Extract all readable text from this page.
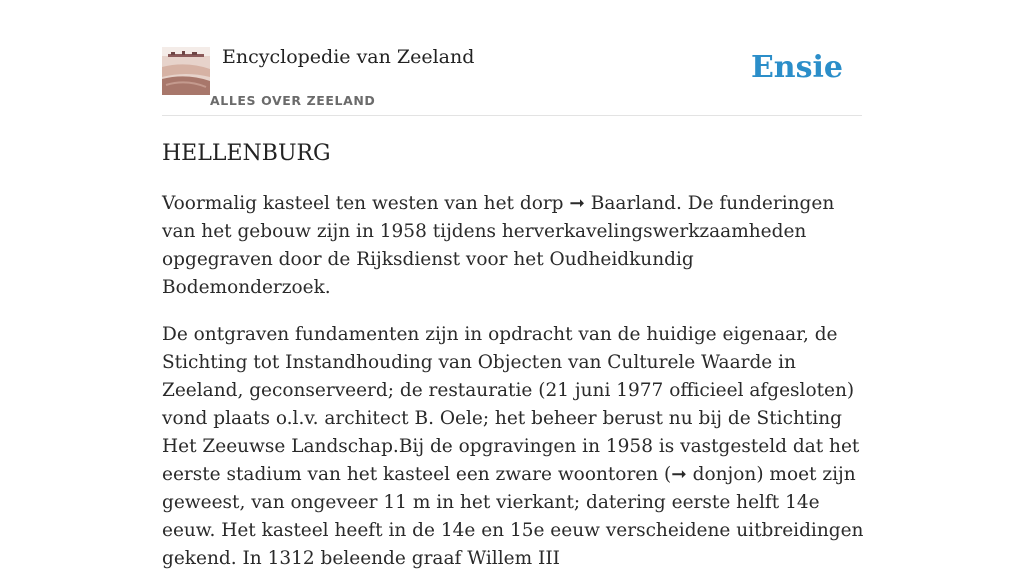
Encyclopedie van Zeeland
ALLES OVER ZEELAND
Ensie
HELLENBURG

Voormalig kasteel ten westen van het dorp ➞ Baarland. De funderingen van het gebouw zijn in 1958 tijdens herverkavelingswerkzaamheden opgegraven door de Rijksdienst voor het Oudheidkundig Bodemonderzoek.

De ontgraven fundamenten zijn in opdracht van de huidige eigenaar, de Stichting tot Instandhouding van Objecten van Culturele Waarde in Zeeland, geconserveerd; de restauratie (21 juni 1977 officieel afgesloten) vond plaats o.l.v. architect B. Oele; het beheer berust nu bij de Stichting Het Zeeuwse Landschap.Bij de opgravingen in 1958 is vastgesteld dat het eerste stadium van het kasteel een zware woontoren (➞ donjon) moet zijn geweest, van ongeveer 11 m in het vierkant; datering eerste helft 14e eeuw. Het kasteel heeft in de 14e en 15e eeuw verscheidene uitbreidingen gekend. In 1312 beleende graaf Willem III
